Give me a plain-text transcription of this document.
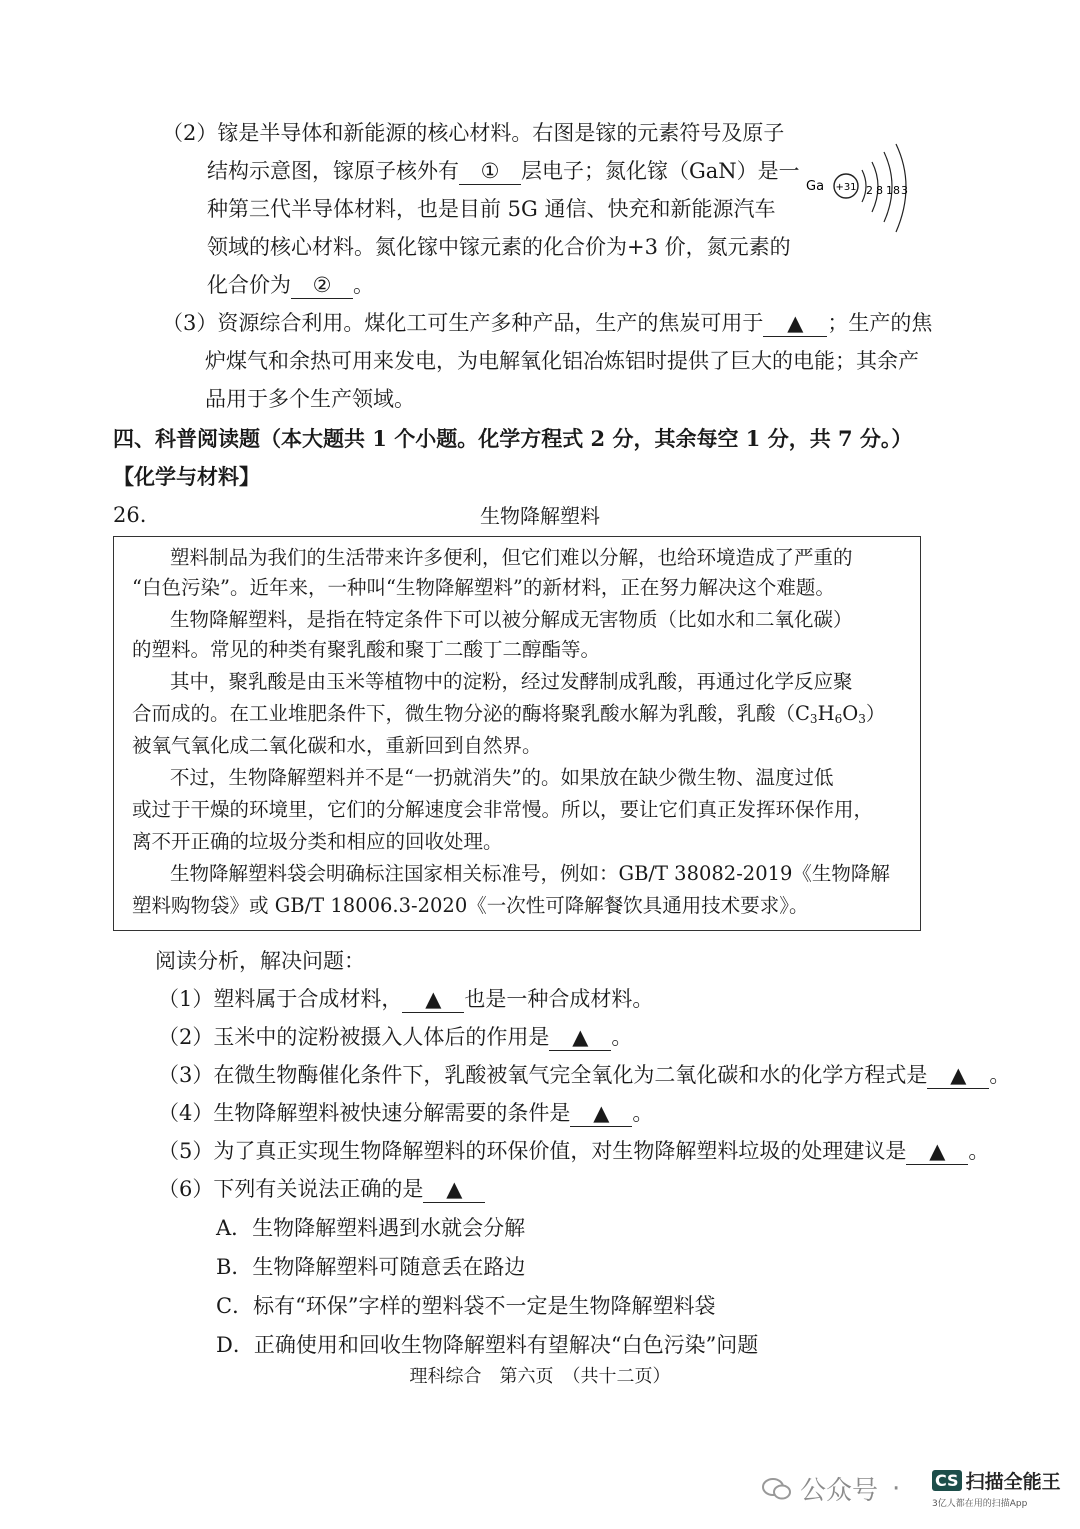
（2）镓是半导体和新能源的核心材料。右图是镓的元素符号及原子
结构示意图，镓原子核外有 ① 层电子；氮化镓（GaN）是一
种第三代半导体材料，也是目前 5G 通信、快充和新能源汽车
领域的核心材料。氮化镓中镓元素的化合价为+3 价，氮元素的
化合价为 ② 。
Ga +31 2 8 18 3
（3）资源综合利用。煤化工可生产多种产品，生产的焦炭可用于 ▲ ；生产的焦
炉煤气和余热可用来发电，为电解氧化铝冶炼铝时提供了巨大的电能；其余产
品用于多个生产领域。
四、科普阅读题（本大题共 1 个小题。化学方程式 2 分，其余每空 1 分，共 7 分。）
【化学与材料】
26.	生物降解塑料
塑料制品为我们的生活带来许多便利，但它们难以分解，也给环境造成了严重的
“白色污染”。近年来，一种叫“生物降解塑料”的新材料，正在努力解决这个难题。
生物降解塑料，是指在特定条件下可以被分解成无害物质（比如水和二氧化碳）
的塑料。常见的种类有聚乳酸和聚丁二酸丁二醇酯等。
其中，聚乳酸是由玉米等植物中的淀粉，经过发酵制成乳酸，再通过化学反应聚
合而成的。在工业堆肥条件下，微生物分泌的酶将聚乳酸水解为乳酸，乳酸$(C_3H_6O_3)$
被氧气氧化成二氧化碳和水，重新回到自然界。
不过，生物降解塑料并不是“一扔就消失”的。如果放在缺少微生物、温度过低
或过于干燥的环境里，它们的分解速度会非常慢。所以，要让它们真正发挥环保作用，
离不开正确的垃圾分类和相应的回收处理。
生物降解塑料袋会明确标注国家相关标准号，例如：GB/T 38082-2019《生物降解
塑料购物袋》或 GB/T 18006.3-2020《一次性可降解餐饮具通用技术要求》。
阅读分析，解决问题：
（1）塑料属于合成材料， ▲ 也是一种合成材料。
（2）玉米中的淀粉被摄入人体后的作用是 ▲ 。
（3）在微生物酶催化条件下，乳酸被氧气完全氧化为二氧化碳和水的化学方程式是 ▲ 。
（4）生物降解塑料被快速分解需要的条件是 ▲ 。
（5）为了真正实现生物降解塑料的环保价值，对生物降解塑料垃圾的处理建议是 ▲ 。
（6）下列有关说法正确的是 ▲
A．生物降解塑料遇到水就会分解
B．生物降解塑料可随意丢在路边
C．标有“环保”字样的塑料袋不一定是生物降解塑料袋
D．正确使用和回收生物降解塑料有望解决“白色污染”问题
理科综合　第六页　（共十二页）
公众号 · CS 扫描全能王
3亿人都在用的扫描App
